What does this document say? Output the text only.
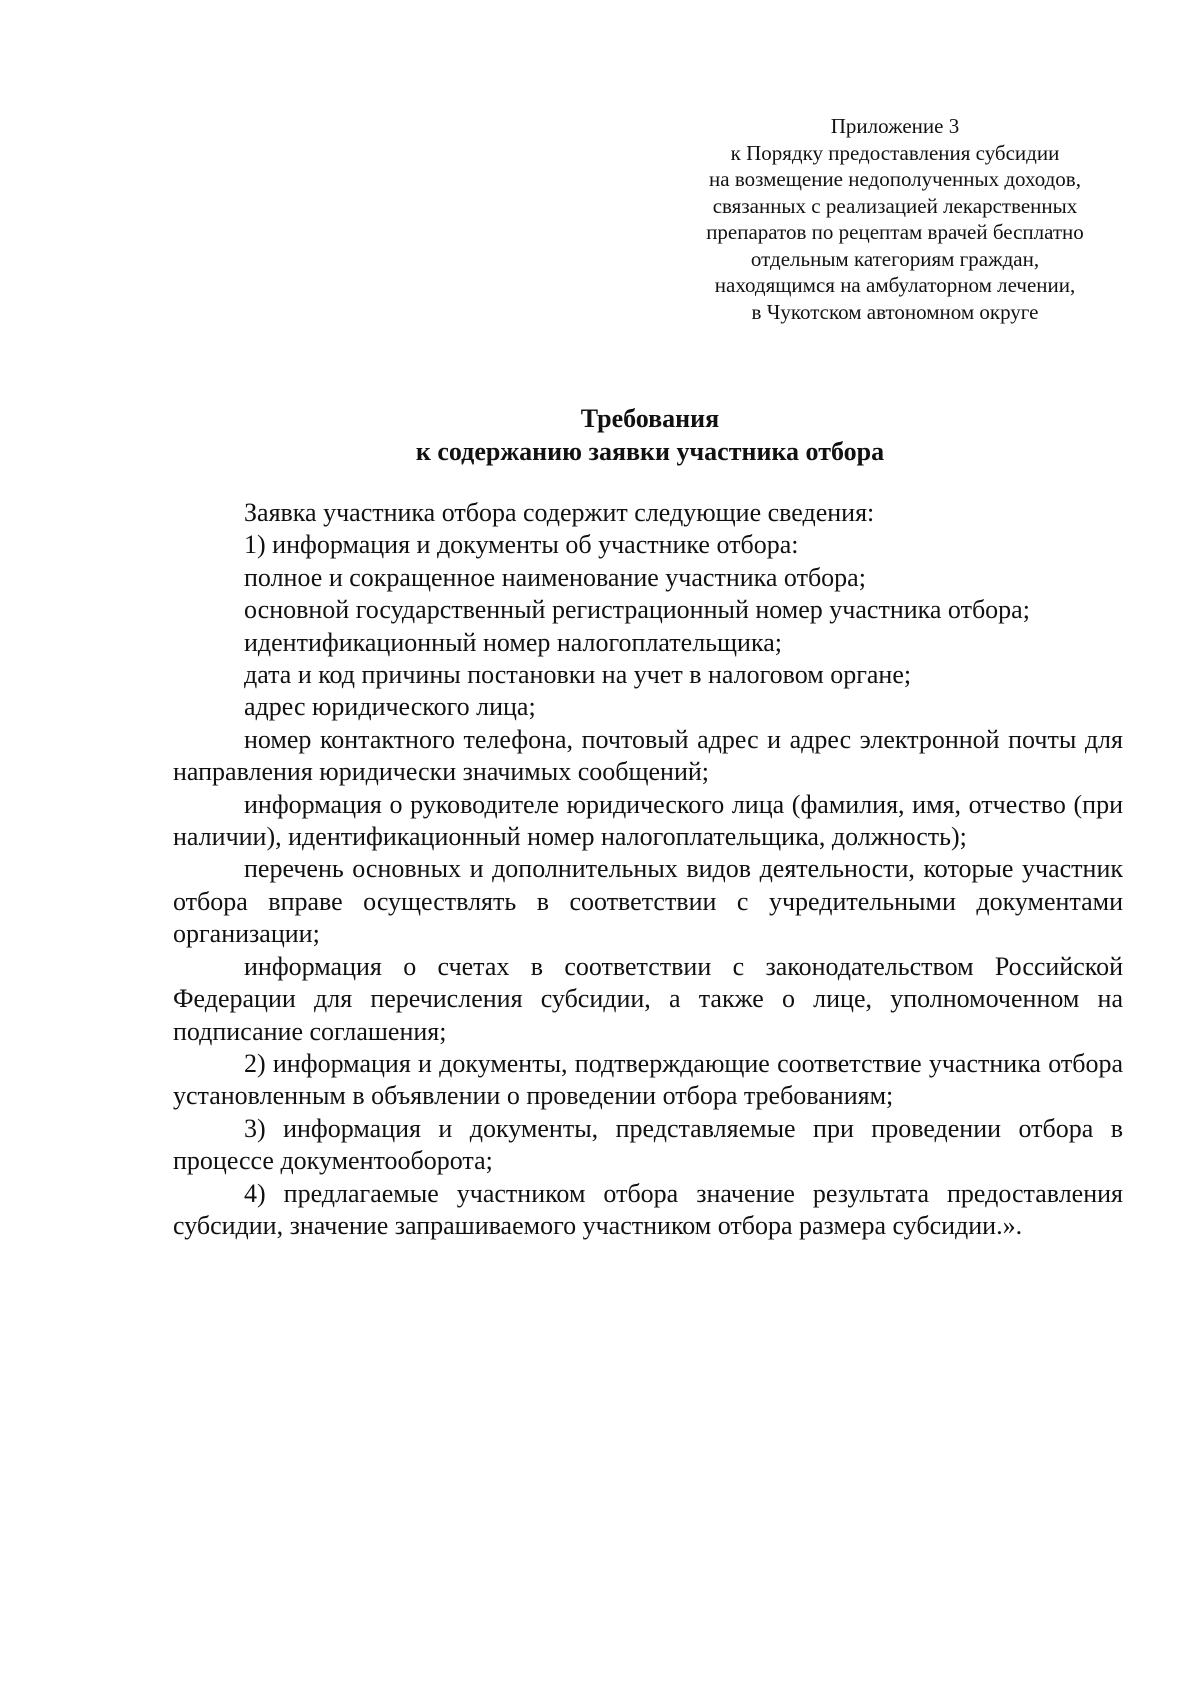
Приложение 3
к Порядку предоставления субсидии
на возмещение недополученных доходов,
связанных с реализацией лекарственных
препаратов по рецептам врачей бесплатно
отдельным категориям граждан,
находящимся на амбулаторном лечении,
в Чукотском автономном округе
Требования
к содержанию заявки участника отбора

Заявка участника отбора содержит следующие сведения:

1) информация и документы об участнике отбора:

полное и сокращенное наименование участника отбора;

основной государственный регистрационный номер участника отбора;

идентификационный номер налогоплательщика;

дата и код причины постановки на учет в налоговом органе;

адрес юридического лица;

номер контактного телефона, почтовый адрес и адрес электронной почты для направления юридически значимых сообщений;

информация о руководителе юридического лица (фамилия, имя, отчество (при наличии), идентификационный номер налогоплательщика, должность);

перечень основных и дополнительных видов деятельности, которые участник отбора вправе осуществлять в соответствии с учредительными документами организации;

информация о счетах в соответствии с законодательством Российской Федерации для перечисления субсидии, а также о лице, уполномоченном на подписание соглашения;

2) информация и документы, подтверждающие соответствие участника отбора установленным в объявлении о проведении отбора требованиям;

3) информация и документы, представляемые при проведении отбора в процессе документооборота;

4) предлагаемые участником отбора значение результата предоставления субсидии, значение запрашиваемого участником отбора размера субсидии.».
